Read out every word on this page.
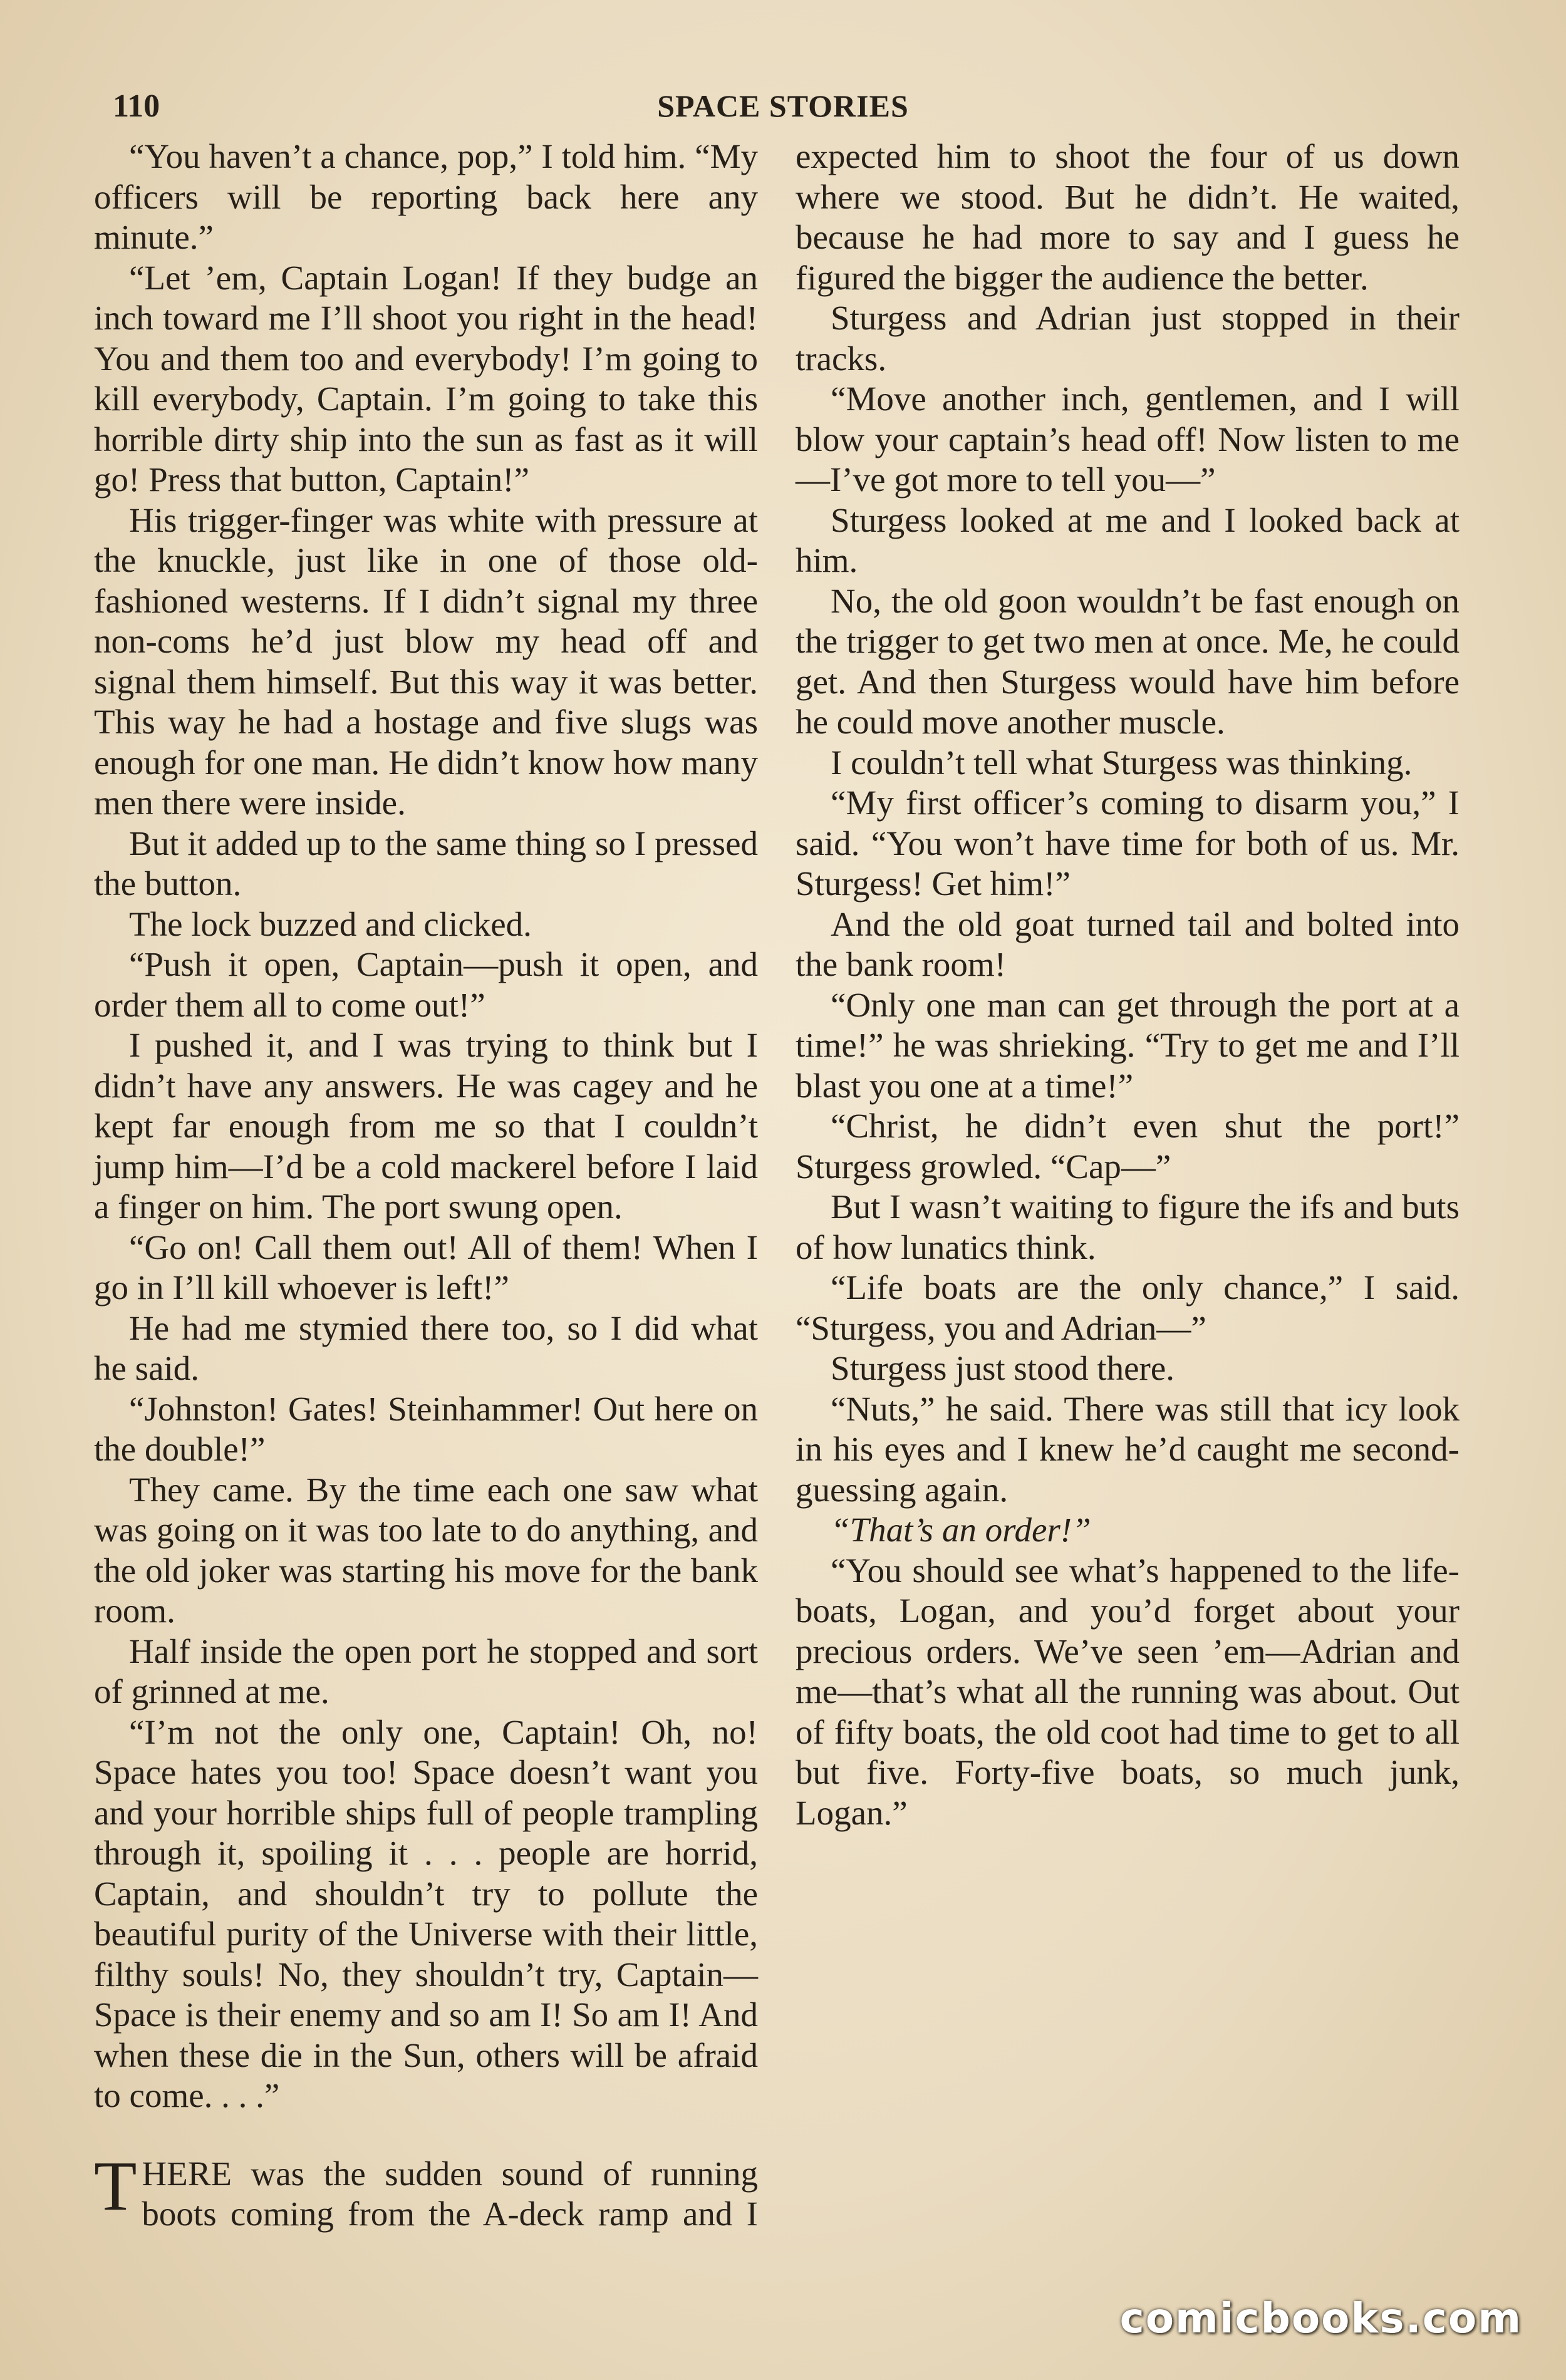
110	SPACE STORIES

“You haven’t a chance, pop,” I told him. “My officers will be reporting back here any minute.”

“Let ’em, Captain Logan! If they budge an inch toward me I’ll shoot you right in the head! You and them too and everybody! I’m going to kill everybody, Captain. I’m going to take this horrible dirty ship into the sun as fast as it will go! Press that button, Captain!”

His trigger-finger was white with pressure at the knuckle, just like in one of those old-fashioned westerns. If I didn’t signal my three non-coms he’d just blow my head off and signal them himself. But this way it was better. This way he had a hostage and five slugs was enough for one man. He didn’t know how many men there were inside.

But it added up to the same thing so I pressed the button.

The lock buzzed and clicked.

“Push it open, Captain—push it open, and order them all to come out!”

I pushed it, and I was trying to think but I didn’t have any answers. He was cagey and he kept far enough from me so that I couldn’t jump him—I’d be a cold mackerel before I laid a finger on him. The port swung open.

“Go on! Call them out! All of them! When I go in I’ll kill whoever is left!”

He had me stymied there too, so I did what he said.

“Johnston! Gates! Steinhammer! Out here on the double!”

They came. By the time each one saw what was going on it was too late to do anything, and the old joker was starting his move for the bank room.

Half inside the open port he stopped and sort of grinned at me.

“I’m not the only one, Captain! Oh, no! Space hates you too! Space doesn’t want you and your horrible ships full of people trampling through it, spoiling it . . . people are horrid, Captain, and shouldn’t try to pollute the beautiful purity of the Universe with their little, filthy souls! No, they shouldn’t try, Captain— Space is their enemy and so am I! So am I! And when these die in the Sun, others will be afraid to come. . . .”

THERE was the sudden sound of running boots coming from the A-deck ramp and I expected him to shoot the four of us down where we stood. But he didn’t. He waited, because he had more to say and I guess he figured the bigger the audience the better.

Sturgess and Adrian just stopped in their tracks.

“Move another inch, gentlemen, and I will blow your captain’s head off! Now listen to me—I’ve got more to tell you—”

Sturgess looked at me and I looked back at him.

No, the old goon wouldn’t be fast enough on the trigger to get two men at once. Me, he could get. And then Sturgess would have him before he could move another muscle.

I couldn’t tell what Sturgess was thinking.

“My first officer’s coming to disarm you,” I said. “You won’t have time for both of us. Mr. Sturgess! Get him!”

And the old goat turned tail and bolted into the bank room!

“Only one man can get through the port at a time!” he was shrieking. “Try to get me and I’ll blast you one at a time!”

“Christ, he didn’t even shut the port!” Sturgess growled. “Cap—”

But I wasn’t waiting to figure the ifs and buts of how lunatics think.

“Life boats are the only chance,” I said. “Sturgess, you and Adrian—”

Sturgess just stood there.

“Nuts,” he said. There was still that icy look in his eyes and I knew he’d caught me second-guessing again.

“That’s an order!”

“You should see what’s happened to the life-boats, Logan, and you’d forget about your precious orders. We’ve seen ’em—Adrian and me—that’s what all the running was about. Out of fifty boats, the old coot had time to get to all but five. Forty-five boats, so much junk, Logan.”

comicbooks.com
